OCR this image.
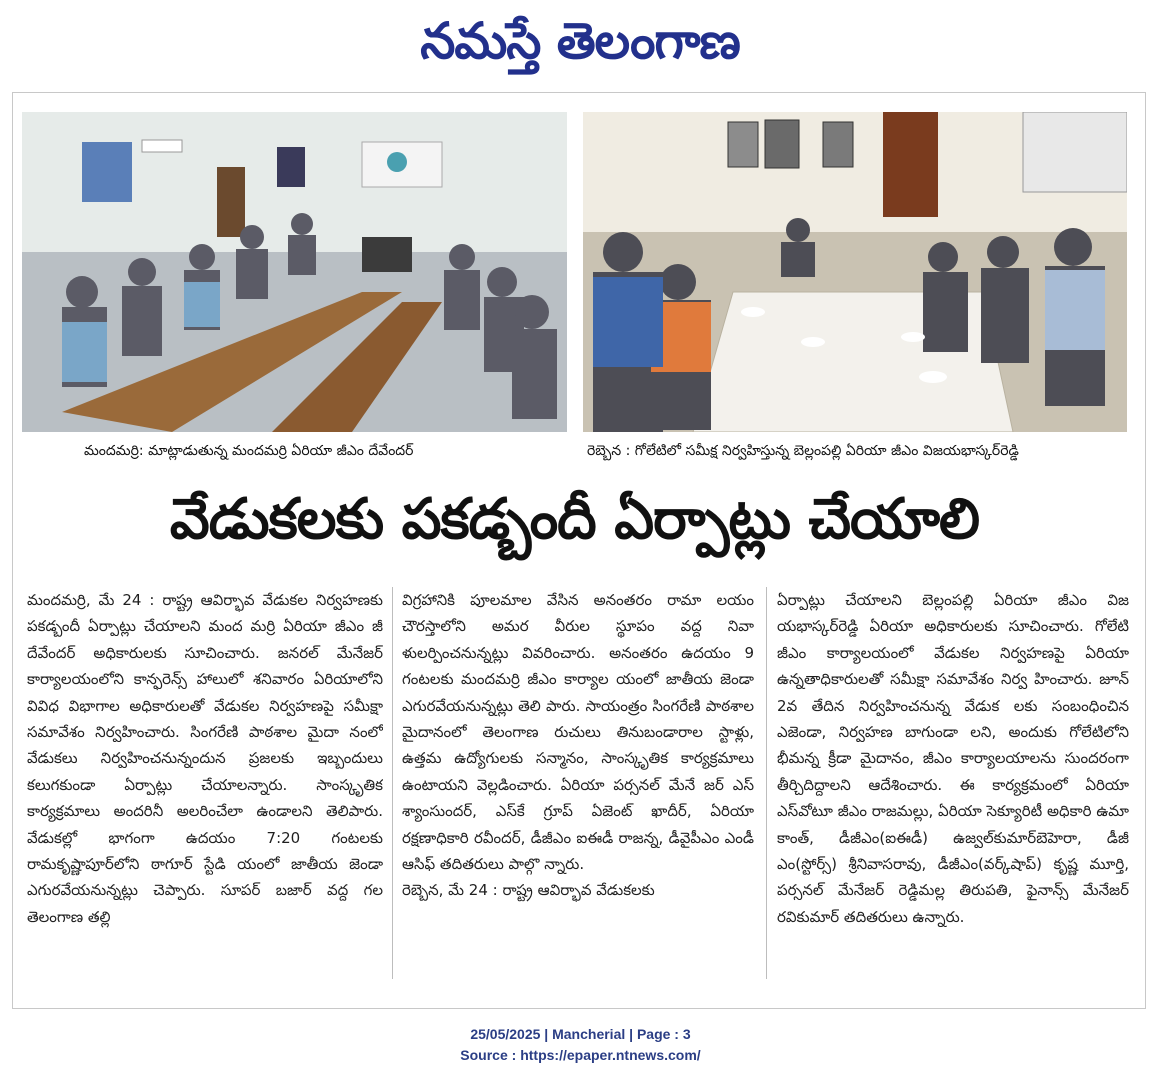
నమస్తే తెలంగాణ
మందమర్రి: మాట్లాడుతున్న మందమర్రి ఏరియా జీఎం దేవేందర్	రెబ్బెన : గోలేటిలో సమీక్ష నిర్వహిస్తున్న బెల్లంపల్లి ఏరియా జీఎం విజయభాస్కర్‌రెడ్డి
వేడుకలకు పకడ్బందీ ఏర్పాట్లు చేయాలి

మందమర్రి, మే 24 : రాష్ట్ర ఆవిర్భావ వేడుకల నిర్వహణకు పకడ్బందీ ఏర్పాట్లు చేయాలని మంద మర్రి ఏరియా జీఎం జీ దేవేందర్ అధికారులకు సూచించారు. జనరల్ మేనేజర్ కార్యాలయంలోని కాన్ఫరెన్స్ హాలులో శనివారం ఏరియాలోని వివిధ విభాగాల అధికారులతో వేడుకల నిర్వహణపై సమీక్షా సమావేశం నిర్వహించారు. సింగరేణి పాఠశాల మైదా నంలో వేడుకలు నిర్వహించనున్నందున ప్రజలకు ఇబ్బందులు కలుగకుండా ఏర్పాట్లు చేయాలన్నారు. సాంస్కృతిక కార్యక్రమాలు అందరినీ అలరించేలా ఉండాలని తెలిపారు. వేడుకల్లో భాగంగా ఉదయం 7:20 గంటలకు రామకృష్ణాపూర్‌లోని ఠాగూర్ స్టేడి యంలో జాతీయ జెండా ఎగురవేయనున్నట్లు చెప్పారు. సూపర్ బజార్ వద్ద గల తెలంగాణ తల్లి

విగ్రహానికి పూలమాల వేసిన అనంతరం రామా లయం చౌరస్తాలోని అమర వీరుల స్థూపం వద్ద నివా ళులర్పించనున్నట్లు వివరించారు. అనంతరం ఉదయం 9 గంటలకు మందమర్రి జీఎం కార్యాల యంలో జాతీయ జెండా ఎగురవేయనున్నట్లు తెలి పారు. సాయంత్రం సింగరేణి పాఠశాల మైదానంలో తెలంగాణ రుచులు తినుబండారాల స్టాళ్లు, ఉత్తమ ఉద్యోగులకు సన్మానం, సాంస్కృతిక కార్యక్రమాలు ఉంటాయని వెల్లడించారు. ఏరియా పర్సనల్ మేనే జర్ ఎస్ శ్యాంసుందర్, ఎస్‌కే గ్రూప్ ఏజెంట్ ఖాదీర్, ఏరియా రక్షణాధికారి రవీందర్, డీజీఎం ఐఈడీ రాజన్న, డీవైపీఎం ఎండీ ఆసిఫ్ తదితరులు పాల్గొ న్నారు.

రెబ్బెన, మే 24 : రాష్ట్ర ఆవిర్భావ వేడుకలకు

ఏర్పాట్లు చేయాలని బెల్లంపల్లి ఏరియా జీఎం విజ యభాస్కర్‌రెడ్డి ఏరియా అధికారులకు సూచించారు. గోలేటి జీఎం కార్యాలయంలో వేడుకల నిర్వహణపై ఏరియా ఉన్నతాధికారులతో సమీక్షా సమావేశం నిర్వ హించారు. జూన్ 2వ తేదిన నిర్వహించనున్న వేడుక లకు సంబంధించిన ఎజెండా, నిర్వహణ బాగుండా లని, అందుకు గోలేటిలోని భీమన్న క్రీడా మైదానం, జీఎం కార్యాలయాలను సుందరంగా తీర్చిదిద్దాలని ఆదేశించారు. ఈ కార్యక్రమంలో ఏరియా ఎస్‌వోటూ జీఎం రాజమల్లు, ఏరియా సెక్యూరిటీ అధికారి ఉమా కాంత్, డీజీఎం(ఐఈడీ) ఉజ్వల్‌కుమార్‌బెహెరా, డీజీ ఎం(స్టోర్స్) శ్రీనివాసరావు, డీజీఎం(వర్క్‌షాప్) కృష్ణ మూర్తి, పర్సనల్ మేనేజర్ రెడ్డిమల్ల తిరుపతి, ఫైనాన్స్ మేనేజర్ రవికుమార్ తదితరులు ఉన్నారు.

25/05/2025 | Mancherial | Page : 3
Source : https://epaper.ntnews.com/
